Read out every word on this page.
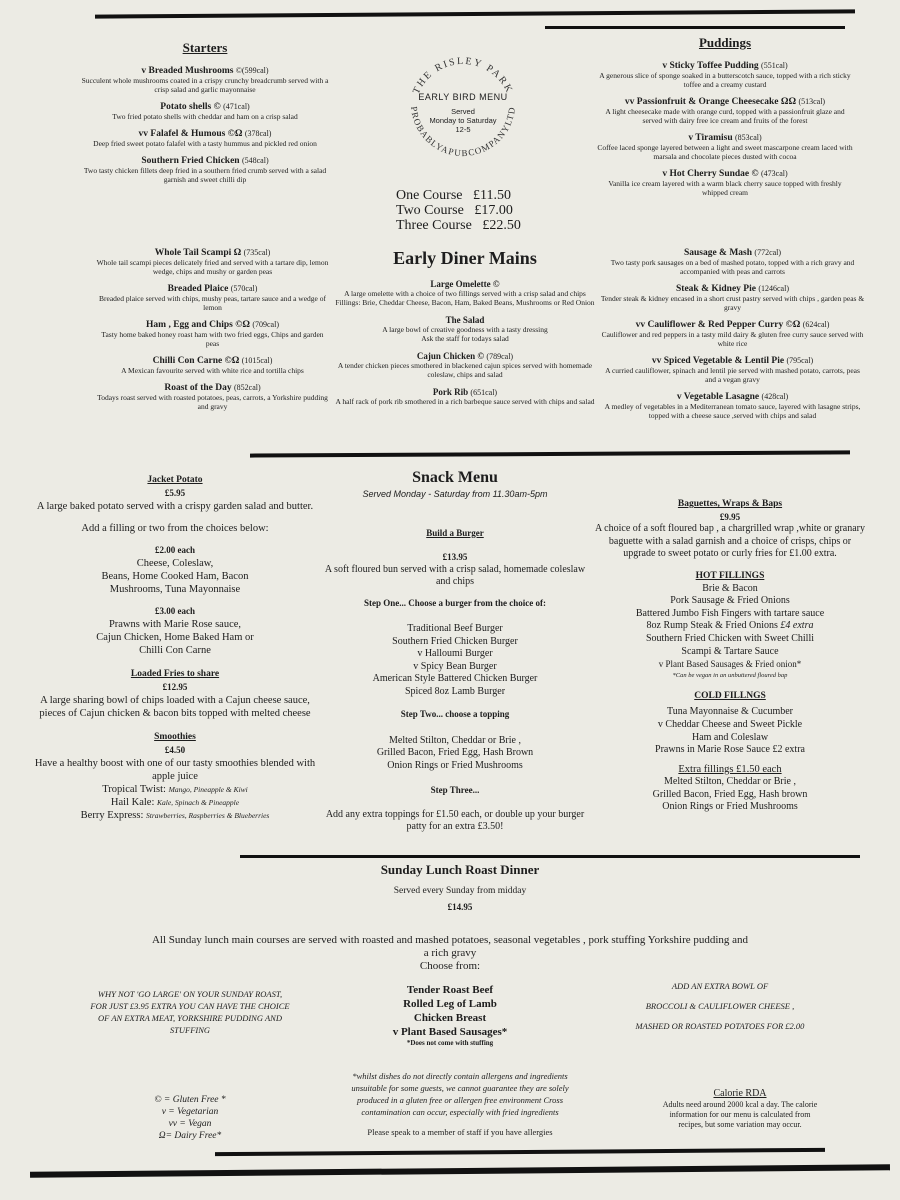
Starters
v Breaded Mushrooms ©(599cal)
Succulent whole mushrooms coated in a crispy crunchy breadcrumb served with a crisp salad and garlic mayonnaise
Potato shells © (471cal)
Two fried potato shells with cheddar and ham on a crisp salad
vv Falafel & Humous ©Ω (378cal)
Deep fried sweet potato falafel with a tasty hummus and pickled red onion
Southern Fried Chicken (548cal)
Two tasty chicken fillets deep fried in a southern fried crumb served with a salad garnish and sweet chilli dip
THE RISLEY PARK
PROBABLYAPUBCOMPANYLTD
EARLY BIRD MENU
Served
Monday to Saturday
12-5
One Course £11.50
Two Course £17.00
Three Course £22.50
Puddings
v Sticky Toffee Pudding (551cal)
A generous slice of sponge soaked in a butterscotch sauce, topped with a rich sticky toffee and a creamy custard
vv Passionfruit & Orange Cheesecake ΩΩ (513cal)
A light cheesecake made with orange curd, topped with a passionfruit glaze and served with dairy free ice cream and fruits of the forest
v Tiramisu (853cal)
Coffee laced sponge layered between a light and sweet mascarpone cream laced with marsala and chocolate pieces dusted with cocoa
v Hot Cherry Sundae © (473cal)
Vanilla ice cream layered with a warm black cherry sauce topped with freshly whipped cream
Whole Tail Scampi Ω (735cal)
Whole tail scampi pieces delicately fried and served with a tartare dip, lemon wedge, chips and mushy or garden peas
Breaded Plaice (570cal)
Breaded plaice served with chips, mushy peas, tartare sauce and a wedge of lemon
Ham , Egg and Chips ©Ω (709cal)
Tasty home baked honey roast ham with two fried eggs, Chips and garden peas
Chilli Con Carne ©Ω (1015cal)
A Mexican favourite served with white rice and tortilla chips
Roast of the Day (852cal)
Todays roast served with roasted potatoes, peas, carrots, a Yorkshire pudding and gravy
Early Diner Mains
Large Omelette ©
A large omelette with a choice of two fillings served with a crisp salad and chips
Fillings: Brie, Cheddar Cheese, Bacon, Ham, Baked Beans, Mushrooms or Red Onion
The Salad
A large bowl of creative goodness with a tasty dressing
Ask the staff for todays salad
Cajun Chicken © (789cal)
A tender chicken pieces smothered in blackened cajun spices served with homemade coleslaw, chips and salad
Pork Rib (651cal)
A half rack of pork rib smothered in a rich barbeque sauce served with chips and salad
Sausage & Mash (772cal)
Two tasty pork sausages on a bed of mashed potato, topped with a rich gravy and accompanied with peas and carrots
Steak & Kidney Pie (1246cal)
Tender steak & kidney encased in a short crust pastry served with chips , garden peas & gravy
vv Cauliflower & Red Pepper Curry ©Ω (624cal)
Cauliflower and red peppers in a tasty mild dairy & gluten free curry sauce served with white rice
vv Spiced Vegetable & Lentil Pie (795cal)
A curried cauliflower, spinach and lentil pie served with mashed potato, carrots, peas and a vegan gravy
v Vegetable Lasagne (428cal)
A medley of vegetables in a Mediterranean tomato sauce, layered with lasagne strips, topped with a cheese sauce ,served with chips and salad

Jacket Potato

£5.95

A large baked potato served with a crispy garden salad and butter.

Add a filling or two from the choices below:

£2.00 each

Cheese, Coleslaw,

Beans, Home Cooked Ham, Bacon

Mushrooms, Tuna Mayonnaise

£3.00 each

Prawns with Marie Rose sauce,

Cajun Chicken, Home Baked Ham or

Chilli Con Carne

Loaded Fries to share

£12.95

A large sharing bowl of chips loaded with a Cajun cheese sauce, pieces of Cajun chicken & bacon bits topped with melted cheese

Smoothies

£4.50

Have a healthy boost with one of our tasty smoothies blended with apple juice

Tropical Twist: Mango, Pineapple & Kiwi

Hail Kale: Kale, Spinach & Pineapple

Berry Express: Strawberries, Raspberries & Blueberries

Snack Menu

Served Monday - Saturday from 11.30am-5pm

Build a Burger

£13.95

A soft floured bun served with a crisp salad, homemade coleslaw and chips

Step One... Choose a burger from the choice of:

Traditional Beef Burger

Southern Fried Chicken Burger

v Halloumi Burger

v Spicy Bean Burger

American Style Battered Chicken Burger

Spiced 8oz Lamb Burger

Step Two... choose a topping

Melted Stilton, Cheddar or Brie ,

Grilled Bacon, Fried Egg, Hash Brown

Onion Rings or Fried Mushrooms

Step Three...

Add any extra toppings for £1.50 each, or double up your burger patty for an extra £3.50!

Baguettes, Wraps & Baps

£9.95

A choice of a soft floured bap , a chargrilled wrap ,white or granary baguette with a salad garnish and a choice of crisps, chips or upgrade to sweet potato or curly fries for £1.00 extra.

HOT FILLINGS

Brie & Bacon

Pork Sausage & Fried Onions

Battered Jumbo Fish Fingers with tartare sauce

8oz Rump Steak & Fried Onions £4 extra

Southern Fried Chicken with Sweet Chilli

Scampi & Tartare Sauce

v Plant Based Sausages & Fried onion*

*Can be vegan in an unbuttered floured bap

COLD FILLNGS

Tuna Mayonnaise & Cucumber

v Cheddar Cheese and Sweet Pickle

Ham and Coleslaw

Prawns in Marie Rose Sauce £2 extra

Extra fillings £1.50 each

Melted Stilton, Cheddar or Brie ,

Grilled Bacon, Fried Egg, Hash brown

Onion Rings or Fried Mushrooms

Sunday Lunch Roast Dinner
Served every Sunday from midday
£14.95
All Sunday lunch main courses are served with roasted and mashed potatoes, seasonal vegetables , pork stuffing Yorkshire pudding and a rich gravy
Choose from:
Tender Roast Beef
Rolled Leg of Lamb
Chicken Breast
v Plant Based Sausages*
*Does not come with stuffing
WHY NOT 'GO LARGE' ON YOUR SUNDAY ROAST, FOR JUST £3.95 EXTRA YOU CAN HAVE THE CHOICE OF AN EXTRA MEAT, YORKSHIRE PUDDING AND STUFFING
ADD AN EXTRA BOWL OF
BROCCOLI & CAULIFLOWER CHEESE ,
MASHED OR ROASTED POTATOES FOR £2.00
© = Gluten Free *
v = Vegetarian
vv = Vegan
Ω= Dairy Free*
*whilst dishes do not directly contain allergens and ingredients unsuitable for some guests, we cannot guarantee they are solely produced in a gluten free or allergen free environment Cross contamination can occur, especially with fried ingredients
Please speak to a member of staff if you have allergies
Calorie RDA
Adults need around 2000 kcal a day. The calorie information for our menu is calculated from recipes, but some variation may occur.
